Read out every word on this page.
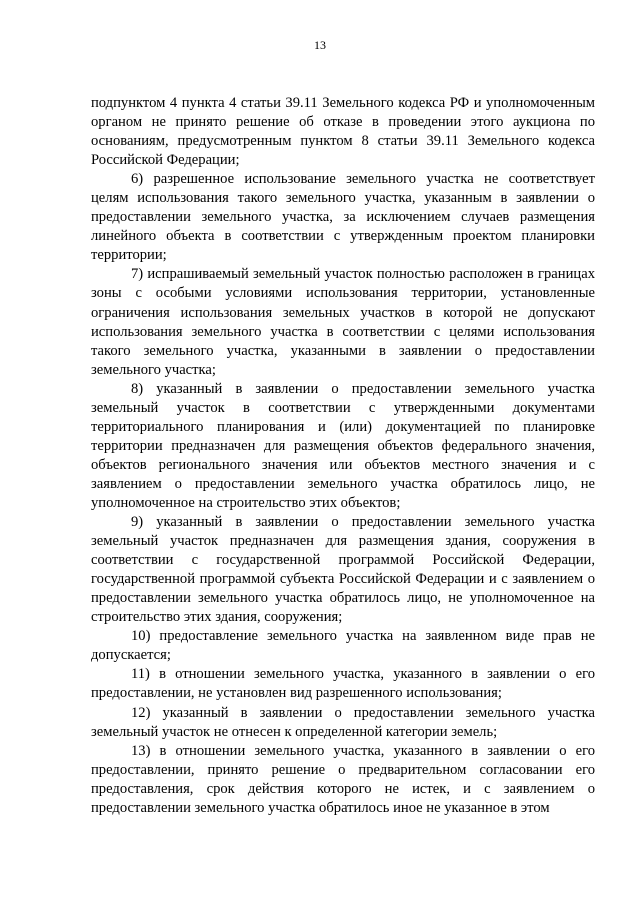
13

подпунктом 4 пункта 4 статьи 39.11 Земельного кодекса РФ и уполномоченным органом не принято решение об отказе в проведении этого аукциона по основаниям, предусмотренным пунктом 8 статьи 39.11 Земельного кодекса Российской Федерации;

6) разрешенное использование земельного участка не соответствует целям использования такого земельного участка, указанным в заявлении о предоставлении земельного участка, за исключением случаев размещения линейного объекта в соответствии с утвержденным проектом планировки территории;

7) испрашиваемый земельный участок полностью расположен в границах зоны с особыми условиями использования территории, установленные ограничения использования земельных участков в которой не допускают использования земельного участка в соответствии с целями использования такого земельного участка, указанными в заявлении о предоставлении земельного участка;

8) указанный в заявлении о предоставлении земельного участка земельный участок в соответствии с утвержденными документами территориального планирования и (или) документацией по планировке территории предназначен для размещения объектов федерального значения, объектов регионального значения или объектов местного значения и с заявлением о предоставлении земельного участка обратилось лицо, не уполномоченное на строительство этих объектов;

9) указанный в заявлении о предоставлении земельного участка земельный участок предназначен для размещения здания, сооружения в соответствии с государственной программой Российской Федерации, государственной программой субъекта Российской Федерации и с заявлением о предоставлении земельного участка обратилось лицо, не уполномоченное на строительство этих здания, сооружения;

10) предоставление земельного участка на заявленном виде прав не допускается;

11) в отношении земельного участка, указанного в заявлении о его предоставлении, не установлен вид разрешенного использования;

12) указанный в заявлении о предоставлении земельного участка земельный участок не отнесен к определенной категории земель;

13) в отношении земельного участка, указанного в заявлении о его предоставлении, принято решение о предварительном согласовании его предоставления, срок действия которого не истек, и с заявлением о предоставлении земельного участка обратилось иное не указанное в этом
